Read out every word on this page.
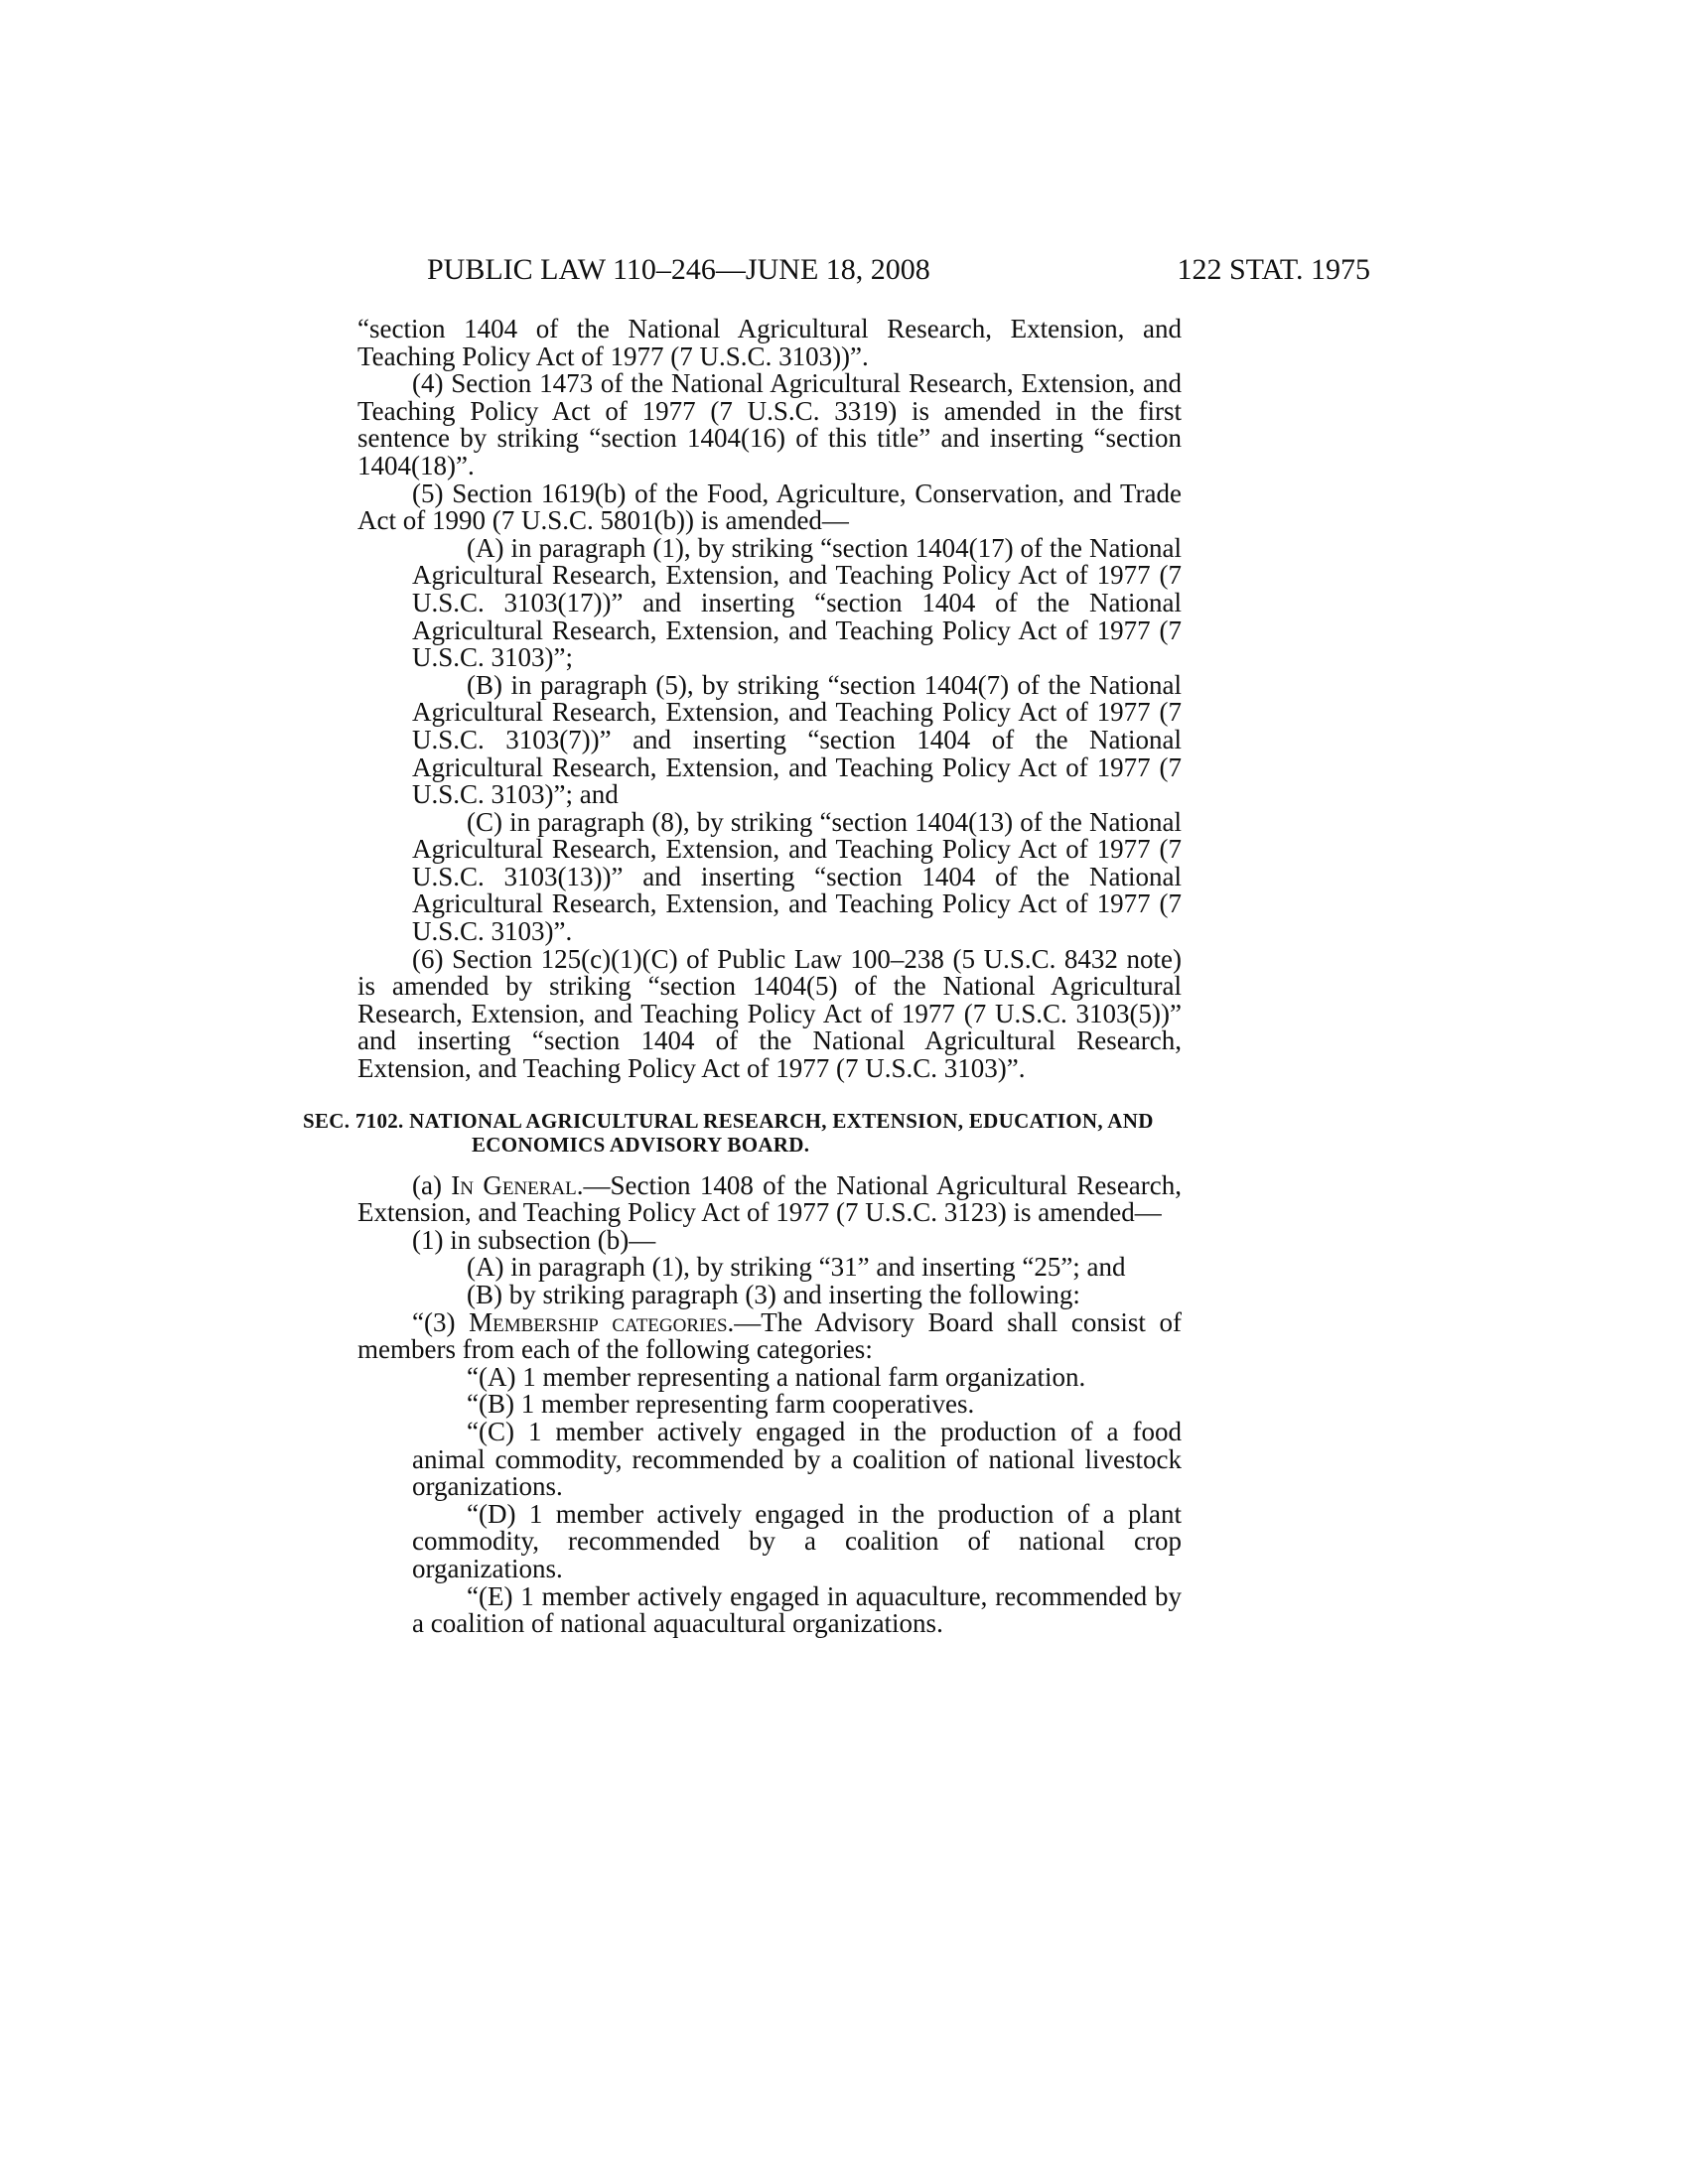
PUBLIC LAW 110–246—JUNE 18, 2008	122 STAT. 1975

“section 1404 of the National Agricultural Research, Extension, and Teaching Policy Act of 1977 (7 U.S.C. 3103))”.

(4) Section 1473 of the National Agricultural Research, Extension, and Teaching Policy Act of 1977 (7 U.S.C. 3319) is amended in the first sentence by striking “section 1404(16) of this title” and inserting “section 1404(18)”.

(5) Section 1619(b) of the Food, Agriculture, Conservation, and Trade Act of 1990 (7 U.S.C. 5801(b)) is amended—

(A) in paragraph (1), by striking “section 1404(17) of the National Agricultural Research, Extension, and Teaching Policy Act of 1977 (7 U.S.C. 3103(17))” and inserting “section 1404 of the National Agricultural Research, Extension, and Teaching Policy Act of 1977 (7 U.S.C. 3103)”;

(B) in paragraph (5), by striking “section 1404(7) of the National Agricultural Research, Extension, and Teaching Policy Act of 1977 (7 U.S.C. 3103(7))” and inserting “section 1404 of the National Agricultural Research, Extension, and Teaching Policy Act of 1977 (7 U.S.C. 3103)”; and

(C) in paragraph (8), by striking “section 1404(13) of the National Agricultural Research, Extension, and Teaching Policy Act of 1977 (7 U.S.C. 3103(13))” and inserting “section 1404 of the National Agricultural Research, Extension, and Teaching Policy Act of 1977 (7 U.S.C. 3103)”.

(6) Section 125(c)(1)(C) of Public Law 100–238 (5 U.S.C. 8432 note) is amended by striking “section 1404(5) of the National Agricultural Research, Extension, and Teaching Policy Act of 1977 (7 U.S.C. 3103(5))” and inserting “section 1404 of the National Agricultural Research, Extension, and Teaching Policy Act of 1977 (7 U.S.C. 3103)”.

SEC. 7102. NATIONAL AGRICULTURAL RESEARCH, EXTENSION, EDUCATION, AND ECONOMICS ADVISORY BOARD.

(a) In General.—Section 1408 of the National Agricultural Research, Extension, and Teaching Policy Act of 1977 (7 U.S.C. 3123) is amended—

(1) in subsection (b)—

(A) in paragraph (1), by striking “31” and inserting “25”; and

(B) by striking paragraph (3) and inserting the following:

“(3) Membership categories.—The Advisory Board shall consist of members from each of the following categories:

“(A) 1 member representing a national farm organization.

“(B) 1 member representing farm cooperatives.

“(C) 1 member actively engaged in the production of a food animal commodity, recommended by a coalition of national livestock organizations.

“(D) 1 member actively engaged in the production of a plant commodity, recommended by a coalition of national crop organizations.

“(E) 1 member actively engaged in aquaculture, recommended by a coalition of national aquacultural organizations.
